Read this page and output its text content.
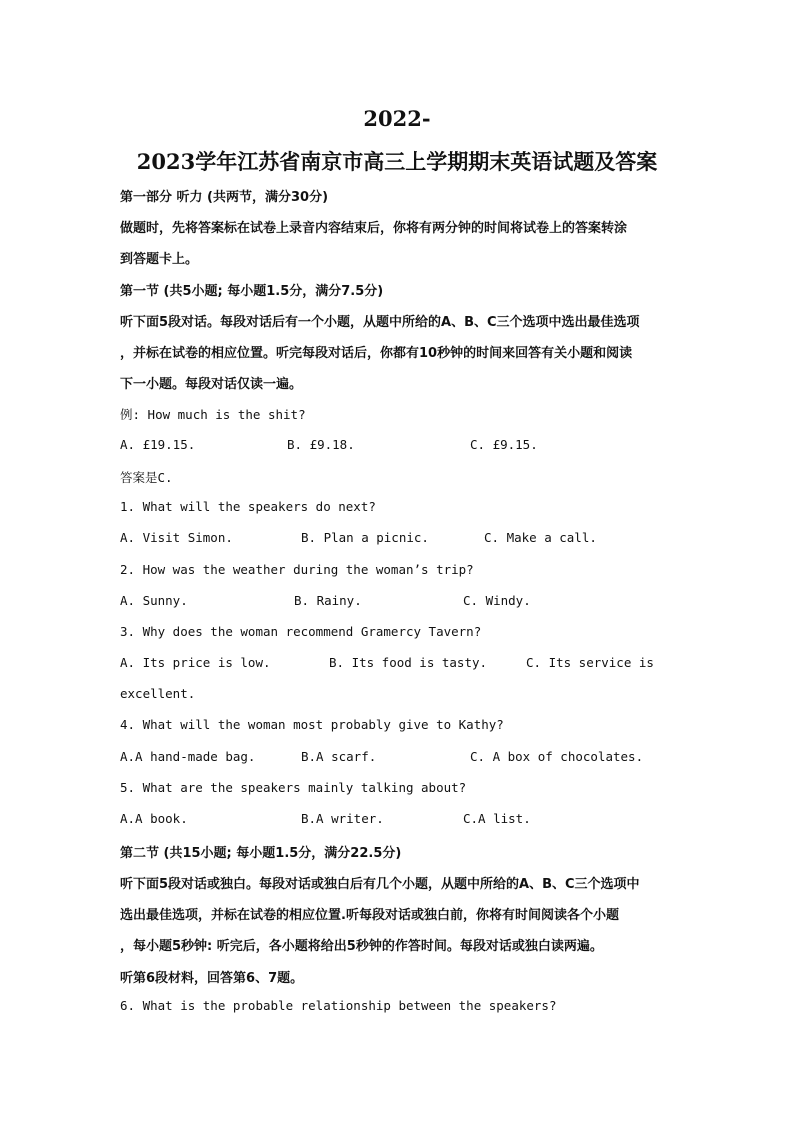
2022-
2023学年江苏省南京市高三上学期期末英语试题及答案
第一部分 听力 (共两节，满分30分)
做题时，先将答案标在试卷上录音内容结束后，你将有两分钟的时间将试卷上的答案转涂
到答题卡上。
第一节 (共5小题; 每小题1.5分，满分7.5分)
听下面5段对话。每段对话后有一个小题，从题中所给的A、B、C三个选项中选出最佳选项
，并标在试卷的相应位置。听完每段对话后，你都有10秒钟的时间来回答有关小题和阅读
下一小题。每段对话仅读一遍。
例: How much is the shit?
A. £19.15.	B. £9.18.	C. £9.15.
答案是C.
1. What will the speakers do next?
A. Visit Simon.	B. Plan a picnic.	C. Make a call.
2. How was the weather during the woman’s trip?
A. Sunny.	B. Rainy.	C. Windy.
3. Why does the woman recommend Gramercy Tavern?
A. Its price is low.	B. Its food is tasty.	C. Its service is
excellent.
4. What will the woman most probably give to Kathy?
A.A hand-made bag.	B.A scarf.	C. A box of chocolates.
5. What are the speakers mainly talking about?
A.A book.	B.A writer.	C.A list.
第二节 (共15小题; 每小题1.5分，满分22.5分)
听下面5段对话或独白。每段对话或独白后有几个小题，从题中所给的A、B、C三个选项中
选出最佳选项，并标在试卷的相应位置.听每段对话或独白前，你将有时间阅读各个小题
，每小题5秒钟: 听完后，各小题将给出5秒钟的作答时间。每段对话或独白读两遍。
听第6段材料，回答第6、7题。
6. What is the probable relationship between the speakers?
